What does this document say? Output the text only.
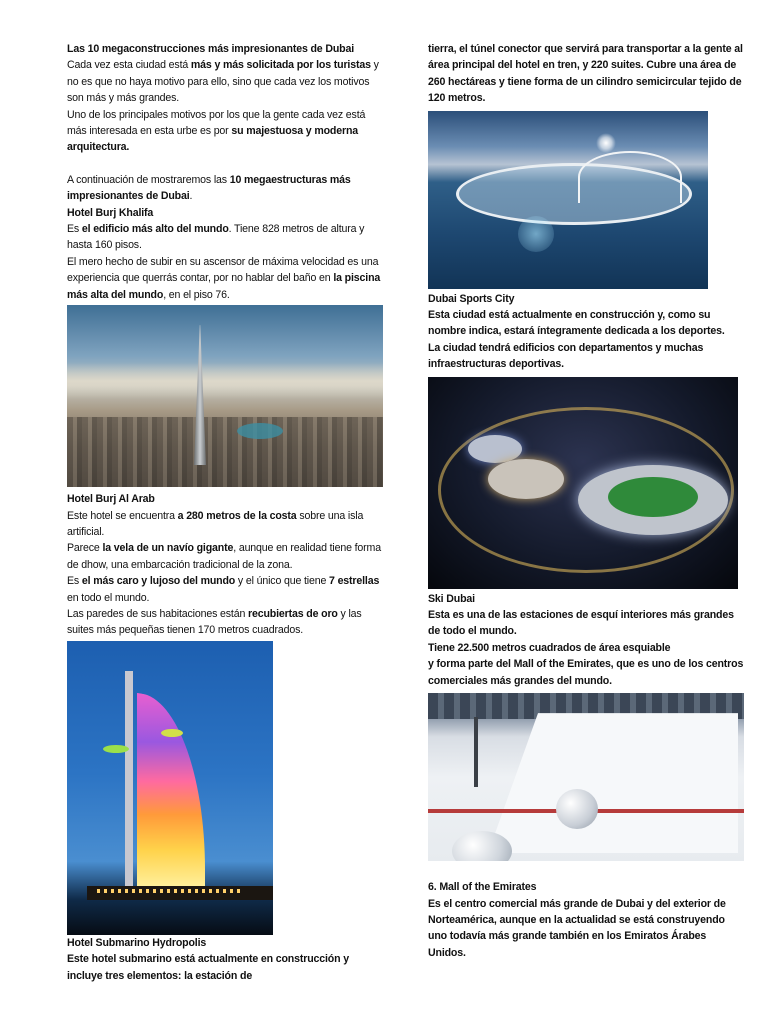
Las 10 megaconstrucciones más impresionantes de Dubai

Cada vez esta ciudad está más y más solicitada por los turistas y no es que no haya motivo para ello, sino que cada vez los motivos son más y más grandes.

Uno de los principales motivos por los que la gente cada vez está más interesada en esta urbe es por su majestuosa y moderna arquitectura.

A continuación de mostraremos las 10 megaestructuras más impresionantes de Dubai.

Hotel Burj Khalifa

Es el edificio más alto del mundo. Tiene 828 metros de altura y hasta 160 pisos.

El mero hecho de subir en su ascensor de máxima velocidad es una experiencia que querrás contar, por no hablar del baño en la piscina más alta del mundo, en el piso 76.

Hotel Burj Al Arab

Este hotel se encuentra a 280 metros de la costa sobre una isla artificial.

Parece la vela de un navío gigante, aunque en realidad tiene forma de dhow, una embarcación tradicional de la zona.

Es el más caro y lujoso del mundo y el único que tiene 7 estrellas en todo el mundo.

Las paredes de sus habitaciones están recubiertas de oro y las suites más pequeñas tienen 170 metros cuadrados.

Hotel Submarino Hydropolis

Este hotel submarino está actualmente en construcción y incluye tres elementos: la estación de

tierra, el túnel conector que servirá para transportar a la gente al área principal del hotel en tren, y 220 suites. Cubre una área de 260 hectáreas y tiene forma de un cilindro semicircular tejido de 120 metros.

Dubai Sports City

Esta ciudad está actualmente en construcción y, como su nombre indica, estará íntegramente dedicada a los deportes.

La ciudad tendrá edificios con departamentos y muchas infraestructuras deportivas.

Ski Dubai

Esta es una de las estaciones de esquí interiores más grandes de todo el mundo.

Tiene 22.500 metros cuadrados de área esquiable

y forma parte del Mall of the Emirates, que es uno de los centros comerciales más grandes del mundo.

6. Mall of the Emirates

Es el centro comercial más grande de Dubai y del exterior de Norteamérica, aunque en la actualidad se está construyendo uno todavía más grande también en los Emiratos Árabes Unidos.
